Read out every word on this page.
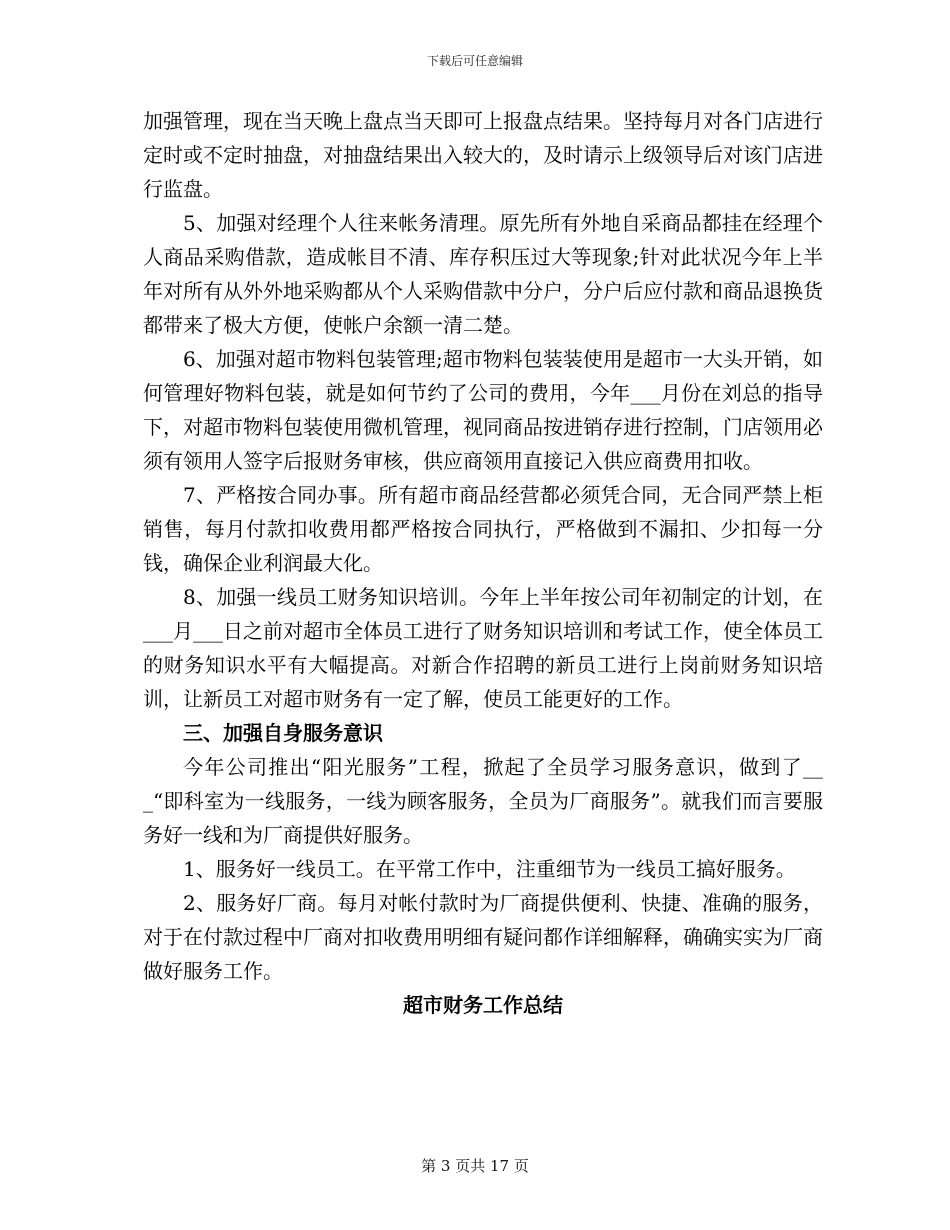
下载后可任意编辑

加强管理，现在当天晚上盘点当天即可上报盘点结果。坚持每月对各门店进行定时或不定时抽盘，对抽盘结果出入较大的，及时请示上级领导后对该门店进行监盘。

5、加强对经理个人往来帐务清理。原先所有外地自采商品都挂在经理个人商品采购借款，造成帐目不清、库存积压过大等现象;针对此状况今年上半年对所有从外外地采购都从个人采购借款中分户，分户后应付款和商品退换货都带来了极大方便，使帐户余额一清二楚。

6、加强对超市物料包装管理;超市物料包装装使用是超市一大头开销，如何管理好物料包装，就是如何节约了公司的费用，今年___月份在刘总的指导下，对超市物料包装使用微机管理，视同商品按进销存进行控制，门店领用必须有领用人签字后报财务审核，供应商领用直接记入供应商费用扣收。

7、严格按合同办事。所有超市商品经营都必须凭合同，无合同严禁上柜销售，每月付款扣收费用都严格按合同执行，严格做到不漏扣、少扣每一分钱，确保企业利润最大化。

8、加强一线员工财务知识培训。今年上半年按公司年初制定的计划，在___月___日之前对超市全体员工进行了财务知识培训和考试工作，使全体员工的财务知识水平有大幅提高。对新合作招聘的新员工进行上岗前财务知识培训，让新员工对超市财务有一定了解，使员工能更好的工作。

三、加强自身服务意识

今年公司推出“阳光服务”工程，掀起了全员学习服务意识，做到了___“即科室为一线服务，一线为顾客服务，全员为厂商服务”。就我们而言要服务好一线和为厂商提供好服务。

1、服务好一线员工。在平常工作中，注重细节为一线员工搞好服务。

2、服务好厂商。每月对帐付款时为厂商提供便利、快捷、准确的服务，对于在付款过程中厂商对扣收费用明细有疑问都作详细解释，确确实实为厂商做好服务工作。

超市财务工作总结

第 3 页共 17 页
